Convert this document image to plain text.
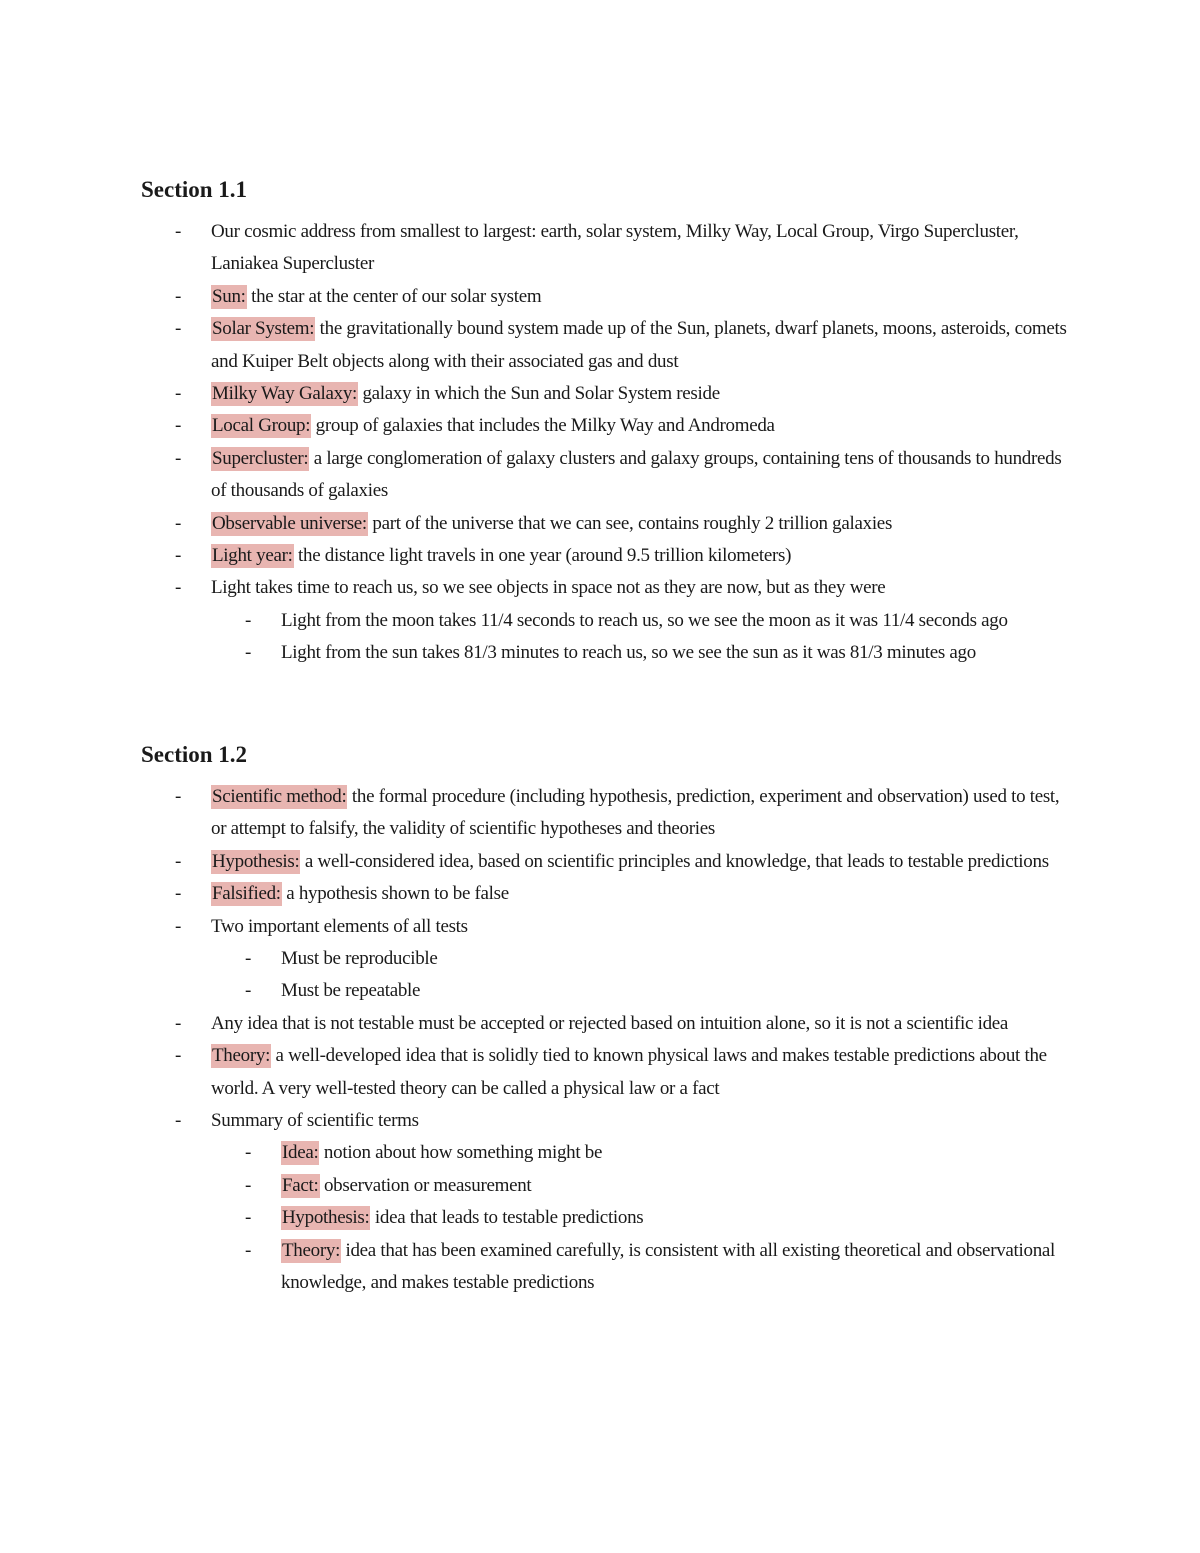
Section 1.1
- Our cosmic address from smallest to largest: earth, solar system, Milky Way, Local Group, Virgo Supercluster, Laniakea Supercluster
- Sun: the star at the center of our solar system
- Solar System: the gravitationally bound system made up of the Sun, planets, dwarf planets, moons, asteroids, comets and Kuiper Belt objects along with their associated gas and dust
- Milky Way Galaxy: galaxy in which the Sun and Solar System reside
- Local Group: group of galaxies that includes the Milky Way and Andromeda
- Supercluster: a large conglomeration of galaxy clusters and galaxy groups, containing tens of thousands to hundreds of thousands of galaxies
- Observable universe: part of the universe that we can see, contains roughly 2 trillion galaxies
- Light year: the distance light travels in one year (around 9.5 trillion kilometers)
- Light takes time to reach us, so we see objects in space not as they are now, but as they were
- Light from the moon takes 11/4 seconds to reach us, so we see the moon as it was 11/4 seconds ago
- Light from the sun takes 81/3 minutes to reach us, so we see the sun as it was 81/3 minutes ago
Section 1.2
- Scientific method: the formal procedure (including hypothesis, prediction, experiment and observation) used to test, or attempt to falsify, the validity of scientific hypotheses and theories
- Hypothesis: a well-considered idea, based on scientific principles and knowledge, that leads to testable predictions
- Falsified: a hypothesis shown to be false
- Two important elements of all tests
- Must be reproducible
- Must be repeatable
- Any idea that is not testable must be accepted or rejected based on intuition alone, so it is not a scientific idea
- Theory: a well-developed idea that is solidly tied to known physical laws and makes testable predictions about the world. A very well-tested theory can be called a physical law or a fact
- Summary of scientific terms
- Idea: notion about how something might be
- Fact: observation or measurement
- Hypothesis: idea that leads to testable predictions
- Theory: idea that has been examined carefully, is consistent with all existing theoretical and observational knowledge, and makes testable predictions
